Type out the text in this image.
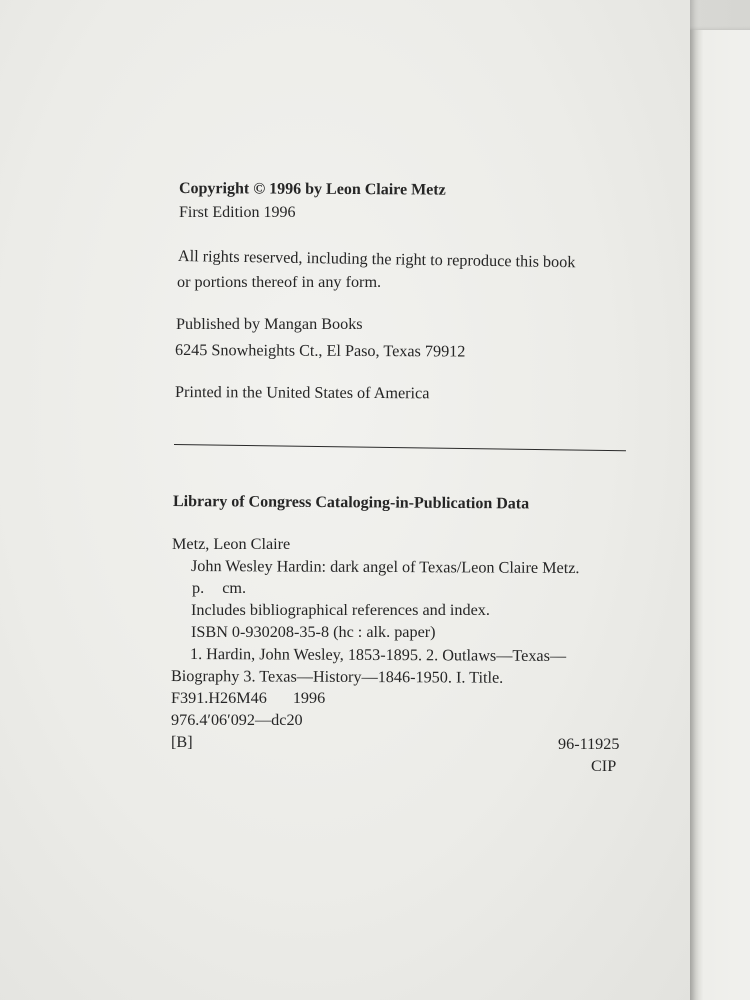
Copyright © 1996 by Leon Claire Metz
First Edition 1996
All rights reserved, including the right to reproduce this book
or portions thereof in any form.
Published by Mangan Books
6245 Snowheights Ct., El Paso, Texas 79912
Printed in the United States of America
Library of Congress Cataloging-in-Publication Data
Metz, Leon Claire
John Wesley Hardin: dark angel of Texas/Leon Claire Metz.
p. cm.
Includes bibliographical references and index.
ISBN 0-930208-35-8 (hc : alk. paper)
1. Hardin, John Wesley, 1853-1895. 2. Outlaws—Texas—
Biography 3. Texas—History—1846-1950. I. Title.
F391.H26M46 1996
976.4′06′092—dc20
[B]	96-11925
CIP
